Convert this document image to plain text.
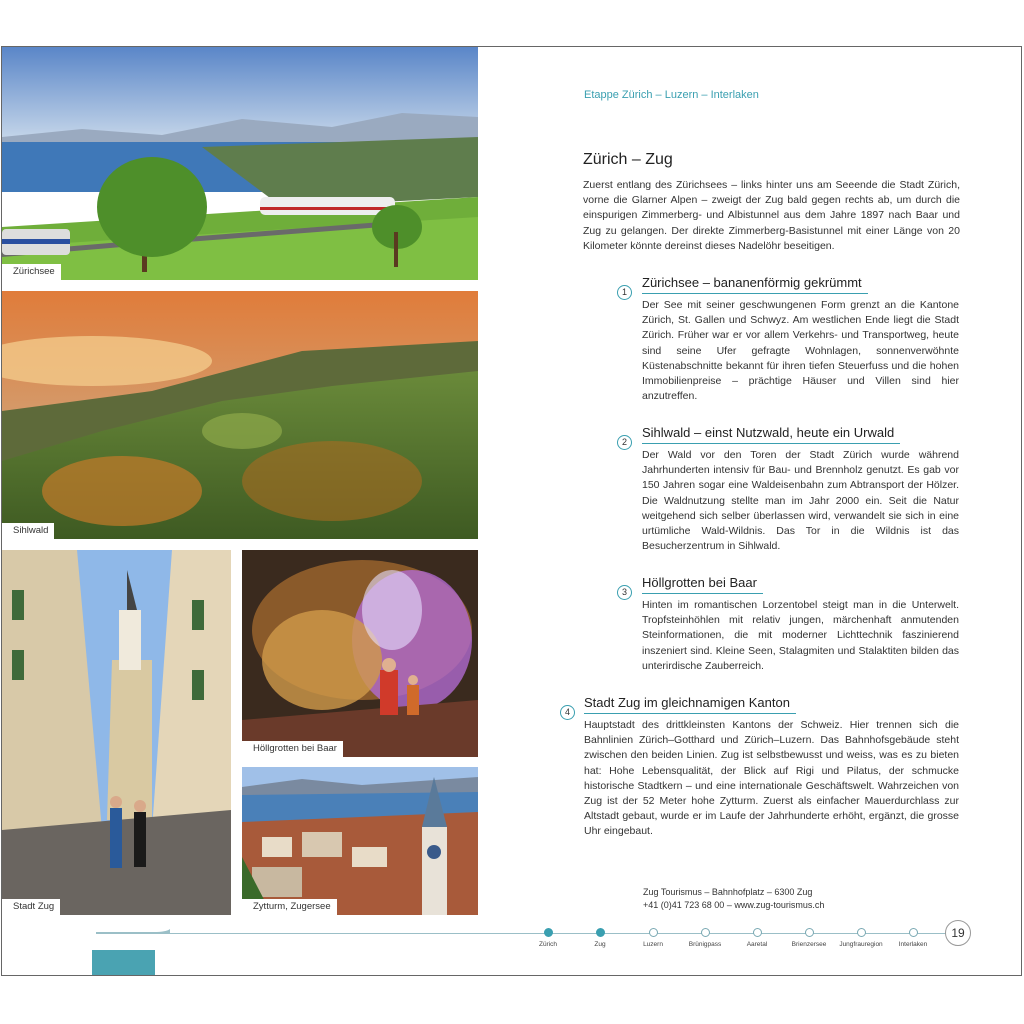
Zürichsee
Sihlwald
Stadt Zug
Höllgrotten bei Baar
Zytturm, Zugersee
Etappe Zürich – Luzern – Interlaken
Zürich – Zug

Zuerst entlang des Zürichsees – links hinter uns am Seeende die Stadt Zürich, vorne die Glarner Alpen – zweigt der Zug bald gegen rechts ab, um durch die einspurigen Zimmerberg- und Albistunnel aus dem Jahre 1897 nach Baar und Zug zu gelangen. Der direkte Zimmerberg-Basistunnel mit einer Länge von 20 Kilometer könnte dereinst dieses Nadelöhr beseitigen.

Zürichsee – bananenförmig gekrümmt

Der See mit seiner geschwungenen Form grenzt an die Kantone Zürich, St. Gallen und Schwyz. Am westlichen Ende liegt die Stadt Zürich. Früher war er vor allem Verkehrs- und Transportweg, heute sind seine Ufer gefragte Wohnlagen, sonnenverwöhnte Küstenabschnitte bekannt für ihren tiefen Steuerfuss und die hohen Immobilienpreise – prächtige Häuser und Villen sind hier anzutreffen.

1
Sihlwald – einst Nutzwald, heute ein Urwald

Der Wald vor den Toren der Stadt Zürich wurde während Jahrhunderten intensiv für Bau- und Brennholz genutzt. Es gab vor 150 Jahren sogar eine Waldeisenbahn zum Abtransport der Hölzer. Die Waldnutzung stellte man im Jahr 2000 ein. Seit die Natur weitgehend sich selber überlassen wird, verwandelt sie sich in eine urtümliche Wald-Wildnis. Das Tor in die Wildnis ist das Besucherzentrum in Sihlwald.

2
Höllgrotten bei Baar

Hinten im romantischen Lorzentobel steigt man in die Unterwelt. Tropfsteinhöhlen mit relativ jungen, märchenhaft anmutenden Steinformationen, die mit moderner Lichttechnik faszinierend inszeniert sind. Kleine Seen, Stalagmiten und Stalaktiten bilden das unterirdische Zauberreich.

3
Stadt Zug im gleichnamigen Kanton

Hauptstadt des drittkleinsten Kantons der Schweiz. Hier trennen sich die Bahnlinien Zürich–Gotthard und Zürich–Luzern. Das Bahnhofsgebäude steht zwischen den beiden Linien. Zug ist selbstbewusst und weiss, was es zu bieten hat: Hohe Lebensqualität, der Blick auf Rigi und Pilatus, der schmucke historische Stadtkern – und eine internationale Geschäftswelt. Wahrzeichen von Zug ist der 52 Meter hohe Zytturm. Zuerst als einfacher Mauerdurchlass zur Altstadt gebaut, wurde er im Laufe der Jahrhunderte erhöht, ergänzt, die grosse Uhr eingebaut.

4
Zug Tourismus – Bahnhofplatz – 6300 Zug
+41 (0)41 723 68 00 – www.zug-tourismus.ch
Zürich	Zug	Luzern	Brünigpass	Aaretal	Brienzersee	Jungfrauregion	Interlaken
19
